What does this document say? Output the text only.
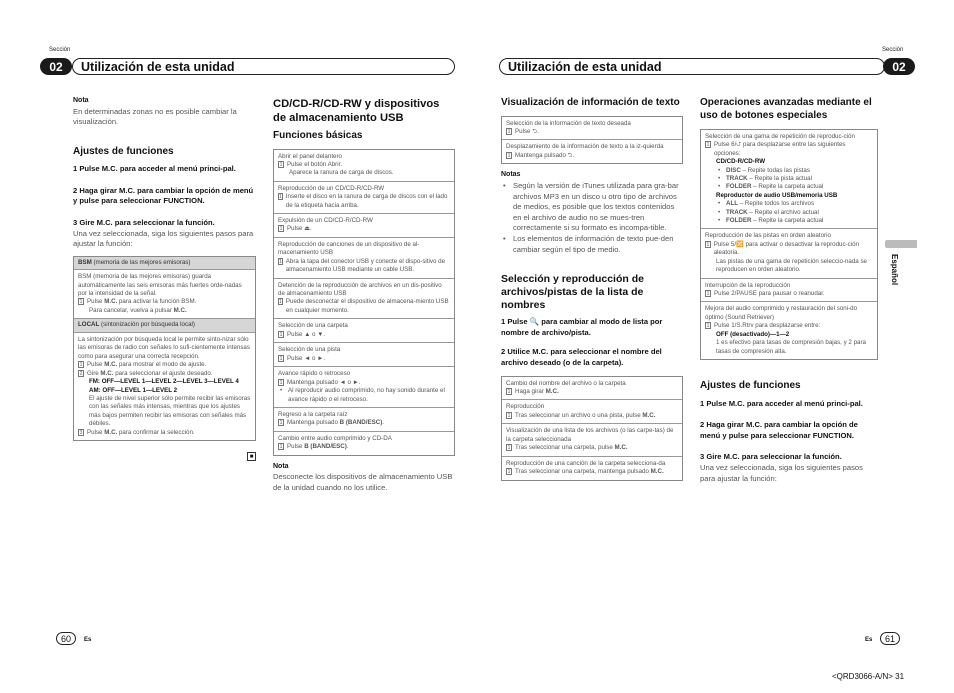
Sección
02	Utilización de esta unidad
Sección
Utilización de esta unidad	02
Nota
En determinadas zonas no es posible cambiar la visualización.
Ajustes de funciones
1 Pulse M.C. para acceder al menú princi-pal.
2 Haga girar M.C. para cambiar la opción de menú y pulse para seleccionar FUNCTION.
3 Gire M.C. para seleccionar la función.
Una vez seleccionada, siga los siguientes pasos para ajustar la función:
BSM (memoria de las mejores emisoras)
BSM (memoria de las mejores emisoras) guarda automáticamente las seis emisoras más fuertes orde-nadas por la intensidad de la señal.
1 Pulse M.C. para activar la función BSM.
Para cancelar, vuelva a pulsar M.C.
LOCAL (sintonización por búsqueda local)
La sintonización por búsqueda local le permite sinto-nizar sólo las emisoras de radio con señales lo sufi-cientemente intensas como para asegurar una correcta recepción.
1 Pulse M.C. para mostrar el modo de ajuste.
2 Gire M.C. para seleccionar el ajuste deseado.
FM: OFF—LEVEL 1—LEVEL 2—LEVEL 3—LEVEL 4
AM: OFF—LEVEL 1—LEVEL 2
El ajuste de nivel superior sólo permite recibir las emisoras con las señales más intensas, mientras que los ajustes más bajos permiten recibir las emisoras con señales más débiles.
3 Pulse M.C. para confirmar la selección.
■
CD/CD-R/CD-RW y dispositivos de almacenamiento USB
Funciones básicas
Abrir el panel delantero
1 Pulse el botón Abrir.
Aparece la ranura de carga de discos.
Reproducción de un CD/CD-R/CD-RW
1 Inserte el disco en la ranura de carga de discos con el lado de la etiqueta hacia arriba.
Expulsión de un CD/CD-R/CD-RW
1 Pulse ⏏.
Reproducción de canciones de un dispositivo de al-macenamiento USB
1 Abra la tapa del conector USB y conecte el dispo-sitivo de almacenamiento USB mediante un cable USB.
Detención de la reproducción de archivos en un dis-positivo de almacenamiento USB
1 Puede desconectar el dispositivo de almacena-miento USB en cualquier momento.
Selección de una carpeta
1 Pulse ▲ o ▼.
Selección de una pista
1 Pulse ◄ o ►.
Avance rápido o retroceso
1 Mantenga pulsado ◄ o ►.
• Al reproducir audio comprimido, no hay sonido durante el avance rápido o el retroceso.
Regreso a la carpeta raíz
1 Mantenga pulsado B (BAND/ESC).
Cambio entre audio comprimido y CD-DA
1 Pulse B (BAND/ESC).
Nota
Desconecte los dispositivos de almacenamiento USB de la unidad cuando no los utilice.
Visualización de información de texto
Selección de la información de texto deseada
1 Pulse ⮌.
Desplazamiento de la información de texto a la iz-quierda
1 Mantenga pulsado ⮌.
Notas
• Según la versión de iTunes utilizada para gra-bar archivos MP3 en un disco u otro tipo de archivos de medios, es posible que los textos contenidos en el archivo de audio no se mues-tren correctamente si su formato es incompa-tible.
• Los elementos de información de texto pue-den cambiar según el tipo de medio.
Selección y reproducción de archivos/pistas de la lista de nombres
1 Pulse 🔍 para cambiar al modo de lista por nombre de archivo/pista.
2 Utilice M.C. para seleccionar el nombre del archivo deseado (o de la carpeta).
Cambio del nombre del archivo o la carpeta
1 Haga girar M.C.
Reproducción
1 Tras seleccionar un archivo o una pista, pulse M.C.
Visualización de una lista de los archivos (o las carpe-tas) de la carpeta seleccionada
1 Tras seleccionar una carpeta, pulse M.C.
Reproducción de una canción de la carpeta selecciona-da
1 Tras seleccionar una carpeta, mantenga pulsado M.C.
Operaciones avanzadas mediante el uso de botones especiales
Selección de una gama de repetición de reproduc-ción
1 Pulse 6/⮍ para desplazarse entre las siguientes opciones:
CD/CD-R/CD-RW
• DISC – Repite todas las pistas
• TRACK – Repite la pista actual
• FOLDER – Repite la carpeta actual
Reproductor de audio USB/memoria USB
• ALL – Repite todos los archivos
• TRACK – Repite el archivo actual
• FOLDER – Repite la carpeta actual
Reproducción de las pistas en orden aleatorio
1 Pulse 5/🔀 para activar o desactivar la reproduc-ción aleatoria.
Las pistas de una gama de repetición seleccio-nada se reproducen en orden aleatorio.
Interrupción de la reproducción
1 Pulse 2/PAUSE para pausar o reanudar.
Mejora del audio comprimido y restauración del soni-do óptimo (Sound Retriever)
1 Pulse 1/S.Rtrv para desplazarse entre:
OFF (desactivado)—1—2
1 es efectivo para tasas de compresión bajas, y 2 para tasas de compresión alta.
Ajustes de funciones
1 Pulse M.C. para acceder al menú princi-pal.
2 Haga girar M.C. para cambiar la opción de menú y pulse para seleccionar FUNCTION.
3 Gire M.C. para seleccionar la función.
Una vez seleccionada, siga los siguientes pasos para ajustar la función:
Español
60	Es	Es	61
<QRD3066-A/N> 31
